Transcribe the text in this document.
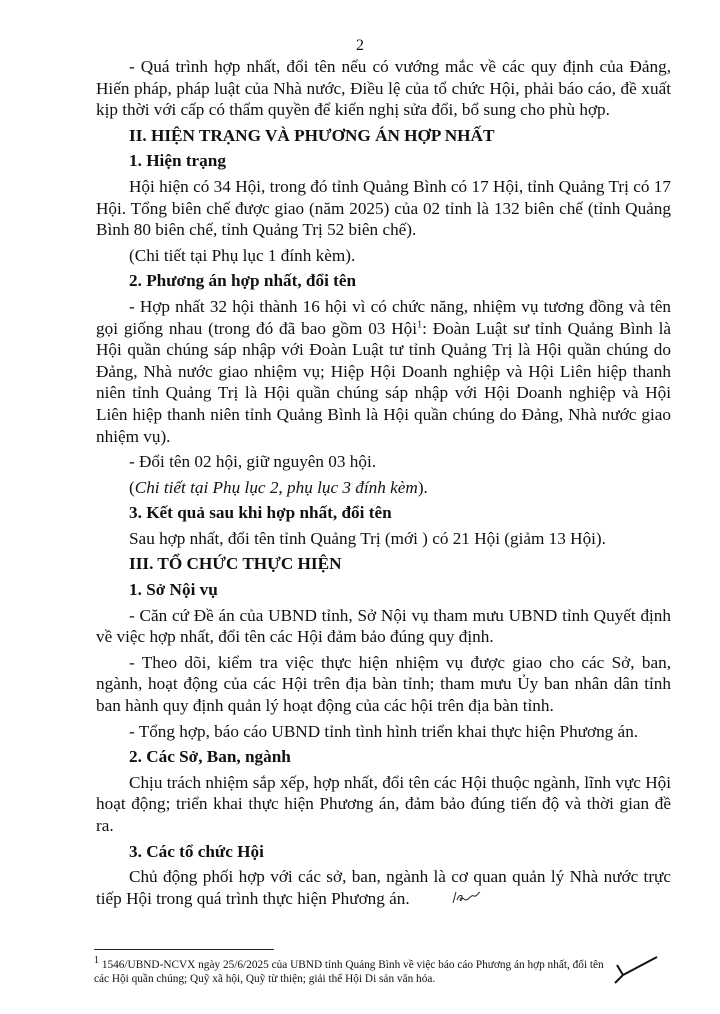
2

- Quá trình hợp nhất, đổi tên nếu có vướng mắc về các quy định của Đảng, Hiến pháp, pháp luật của Nhà nước, Điều lệ của tổ chức Hội, phải báo cáo, đề xuất kịp thời với cấp có thẩm quyền để kiến nghị sửa đổi, bổ sung cho phù hợp.

II. HIỆN TRẠNG VÀ PHƯƠNG ÁN HỢP NHẤT

1. Hiện trạng

Hội hiện có 34 Hội, trong đó tỉnh Quảng Bình có 17 Hội, tỉnh Quảng Trị có 17 Hội. Tổng biên chế được giao (năm 2025) của 02 tỉnh là 132 biên chế (tỉnh Quảng Bình 80 biên chế, tỉnh Quảng Trị 52 biên chế).

(Chi tiết tại Phụ lục 1 đính kèm).

2. Phương án hợp nhất, đổi tên

- Hợp nhất 32 hội thành 16 hội vì có chức năng, nhiệm vụ tương đồng và tên gọi giống nhau (trong đó đã bao gồm 03 Hội$^1$: Đoàn Luật sư tỉnh Quảng Bình là Hội quần chúng sáp nhập với Đoàn Luật tư tỉnh Quảng Trị là Hội quần chúng do Đảng, Nhà nước giao nhiệm vụ; Hiệp Hội Doanh nghiệp và Hội Liên hiệp thanh niên tỉnh Quảng Trị là Hội quần chúng sáp nhập với Hội Doanh nghiệp và Hội Liên hiệp thanh niên tỉnh Quảng Bình là Hội quần chúng do Đảng, Nhà nước giao nhiệm vụ).

- Đổi tên 02 hội, giữ nguyên 03 hội.

(Chi tiết tại Phụ lục 2, phụ lục 3 đính kèm).

3. Kết quả sau khi hợp nhất, đổi tên

Sau hợp nhất, đổi tên tỉnh Quảng Trị (mới ) có 21 Hội (giảm 13 Hội).

III. TỔ CHỨC THỰC HIỆN

1. Sở Nội vụ

- Căn cứ Đề án của UBND tỉnh, Sở Nội vụ tham mưu UBND tỉnh Quyết định về việc hợp nhất, đổi tên các Hội đảm bảo đúng quy định.

- Theo dõi, kiểm tra việc thực hiện nhiệm vụ được giao cho các Sở, ban, ngành, hoạt động của các Hội trên địa bàn tỉnh; tham mưu Ủy ban nhân dân tỉnh ban hành quy định quản lý hoạt động của các hội trên địa bàn tỉnh.

- Tổng hợp, báo cáo UBND tỉnh tình hình triển khai thực hiện Phương án.

2. Các Sở, Ban, ngành

Chịu trách nhiệm sắp xếp, hợp nhất, đổi tên các Hội thuộc ngành, lĩnh vực Hội hoạt động; triển khai thực hiện Phương án, đảm bảo đúng tiến độ và thời gian đề ra.

3. Các tổ chức Hội

Chủ động phối hợp với các sở, ban, ngành là cơ quan quản lý Nhà nước trực tiếp Hội trong quá trình thực hiện Phương án.

$^1$ 1546/UBND-NCVX ngày 25/6/2025 của UBND tỉnh Quảng Bình về việc báo cáo Phương án hợp nhất, đổi tên các Hội quần chúng; Quỹ xã hội, Quỹ từ thiện; giải thể Hội Di sản văn hóa.
